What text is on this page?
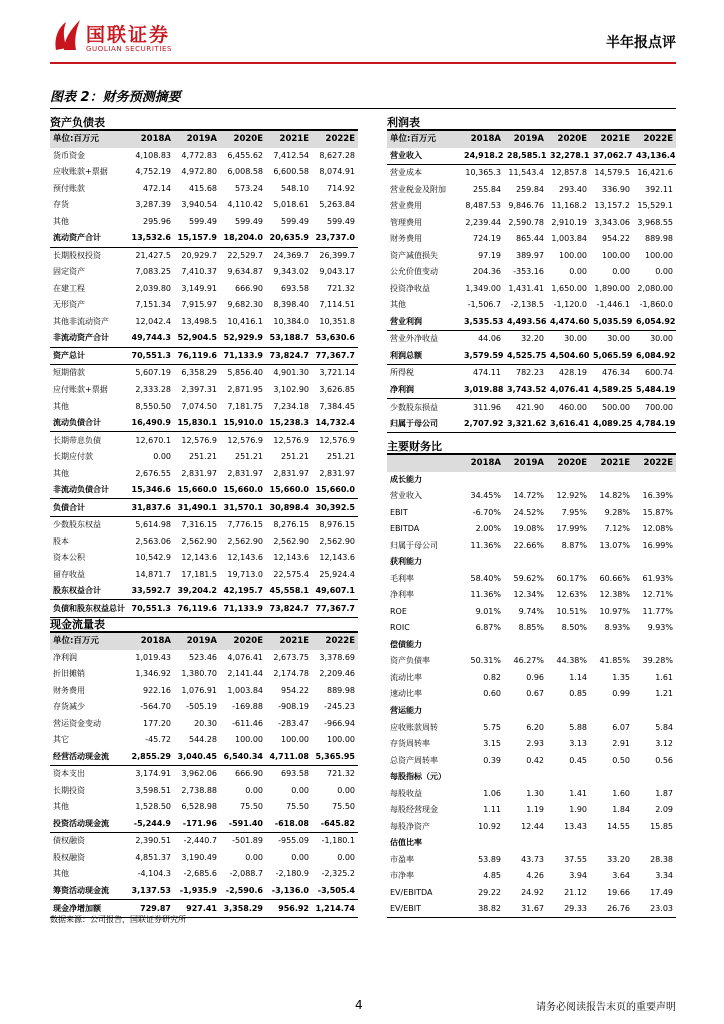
国联证券
GUOLIAN SECURITIES	半年报点评
图表 2：财务预测摘要
资产负债表
单位:百万元	2018A	2019A	2020E	2021E	2022E
货币资金	4,108.83	4,772.83	6,455.62	7,412.54	8,627.28
应收账款+票据	4,752.19	4,972.80	6,008.58	6,600.58	8,074.91
预付账款	472.14	415.68	573.24	548.10	714.92
存货	3,287.39	3,940.54	4,110.42	5,018.61	5,263.84
其他	295.96	599.49	599.49	599.49	599.49
流动资产合计	13,532.6	15,157.9	18,204.0	20,635.9	23,737.0
长期股权投资	21,427.5	20,929.7	22,529.7	24,369.7	26,399.7
固定资产	7,083.25	7,410.37	9,634.87	9,343.02	9,043.17
在建工程	2,039.80	3,149.91	666.90	693.58	721.32
无形资产	7,151.34	7,915.97	9,682.30	8,398.40	7,114.51
其他非流动资产	12,042.4	13,498.5	10,416.1	10,384.0	10,351.8
非流动资产合计	49,744.3	52,904.5	52,929.9	53,188.7	53,630.6
资产总计	70,551.3	76,119.6	71,133.9	73,824.7	77,367.7
短期借款	5,607.19	6,358.29	5,856.40	4,901.30	3,721.14
应付账款+票据	2,333.28	2,397.31	2,871.95	3,102.90	3,626.85
其他	8,550.50	7,074.50	7,181.75	7,234.18	7,384.45
流动负债合计	16,490.9	15,830.1	15,910.0	15,238.3	14,732.4
长期带息负债	12,670.1	12,576.9	12,576.9	12,576.9	12,576.9
长期应付款	0.00	251.21	251.21	251.21	251.21
其他	2,676.55	2,831.97	2,831.97	2,831.97	2,831.97
非流动负债合计	15,346.6	15,660.0	15,660.0	15,660.0	15,660.0
负债合计	31,837.6	31,490.1	31,570.1	30,898.4	30,392.5
少数股东权益	5,614.98	7,316.15	7,776.15	8,276.15	8,976.15
股本	2,563.06	2,562.90	2,562.90	2,562.90	2,562.90
资本公积	10,542.9	12,143.6	12,143.6	12,143.6	12,143.6
留存收益	14,871.7	17,181.5	19,713.0	22,575.4	25,924.4
股东权益合计	33,592.7	39,204.2	42,195.7	45,558.1	49,607.1
负债和股东权益总计	70,551.3	76,119.6	71,133.9	73,824.7	77,367.7
利润表
单位:百万元	2018A	2019A	2020E	2021E	2022E
营业收入	24,918.2	28,585.1	32,278.1	37,062.7	43,136.4
营业成本	10,365.3	11,543.4	12,857.8	14,579.5	16,421.6
营业税金及附加	255.84	259.84	293.40	336.90	392.11
营业费用	8,487.53	9,846.76	11,168.2	13,157.2	15,529.1
管理费用	2,239.44	2,590.78	2,910.19	3,343.06	3,968.55
财务费用	724.19	865.44	1,003.84	954.22	889.98
资产减值损失	97.19	389.97	100.00	100.00	100.00
公允价值变动	204.36	-353.16	0.00	0.00	0.00
投资净收益	1,349.00	1,431.41	1,650.00	1,890.00	2,080.00
其他	-1,506.7	-2,138.5	-1,120.0	-1,446.1	-1,860.0
营业利润	3,535.53	4,493.56	4,474.60	5,035.59	6,054.92
营业外净收益	44.06	32.20	30.00	30.00	30.00
利润总额	3,579.59	4,525.75	4,504.60	5,065.59	6,084.92
所得税	474.11	782.23	428.19	476.34	600.74
净利润	3,019.88	3,743.52	4,076.41	4,589.25	5,484.19
少数股东损益	311.96	421.90	460.00	500.00	700.00
归属于母公司	2,707.92	3,321.62	3,616.41	4,089.25	4,784.19
主要财务比
	2018A	2019A	2020E	2021E	2022E
成长能力					
营业收入	34.45%	14.72%	12.92%	14.82%	16.39%
EBIT	-6.70%	24.52%	7.95%	9.28%	15.87%
EBITDA	2.00%	19.08%	17.99%	7.12%	12.08%
归属于母公司	11.36%	22.66%	8.87%	13.07%	16.99%
获利能力					
毛利率	58.40%	59.62%	60.17%	60.66%	61.93%
净利率	11.36%	12.34%	12.63%	12.38%	12.71%
ROE	9.01%	9.74%	10.51%	10.97%	11.77%
ROIC	6.87%	8.85%	8.50%	8.93%	9.93%
偿债能力					
资产负债率	50.31%	46.27%	44.38%	41.85%	39.28%
流动比率	0.82	0.96	1.14	1.35	1.61
速动比率	0.60	0.67	0.85	0.99	1.21
营运能力					
应收账款周转	5.75	6.20	5.88	6.07	5.84
存货周转率	3.15	2.93	3.13	2.91	3.12
总资产周转率	0.39	0.42	0.45	0.50	0.56
每股指标（元）					
每股收益	1.06	1.30	1.41	1.60	1.87
每股经营现金	1.11	1.19	1.90	1.84	2.09
每股净资产	10.92	12.44	13.43	14.55	15.85
估值比率					
市盈率	53.89	43.73	37.55	33.20	28.38
市净率	4.85	4.26	3.94	3.64	3.34
EV/EBITDA	29.22	24.92	21.12	19.66	17.49
EV/EBIT	38.82	31.67	29.33	26.76	23.03
现金流量表
单位:百万元	2018A	2019A	2020E	2021E	2022E
净利润	1,019.43	523.46	4,076.41	2,673.75	3,378.69
折旧摊销	1,346.92	1,380.70	2,141.44	2,174.78	2,209.46
财务费用	922.16	1,076.91	1,003.84	954.22	889.98
存货减少	-564.70	-505.19	-169.88	-908.19	-245.23
营运资金变动	177.20	20.30	-611.46	-283.47	-966.94
其它	-45.72	544.28	100.00	100.00	100.00
经营活动现金流	2,855.29	3,040.45	6,540.34	4,711.08	5,365.95
资本支出	3,174.91	3,962.06	666.90	693.58	721.32
长期投资	3,598.51	2,738.88	0.00	0.00	0.00
其他	1,528.50	6,528.98	75.50	75.50	75.50
投资活动现金流	-5,244.9	-171.96	-591.40	-618.08	-645.82
债权融资	2,390.51	-2,440.7	-501.89	-955.09	-1,180.1
股权融资	4,851.37	3,190.49	0.00	0.00	0.00
其他	-4,104.3	-2,685.6	-2,088.7	-2,180.9	-2,325.2
筹资活动现金流	3,137.53	-1,935.9	-2,590.6	-3,136.0	-3,505.4
现金净增加额	729.87	927.41	3,358.29	956.92	1,214.74
数据来源：公司报告，国联证券研究所
4	请务必阅读报告末页的重要声明
